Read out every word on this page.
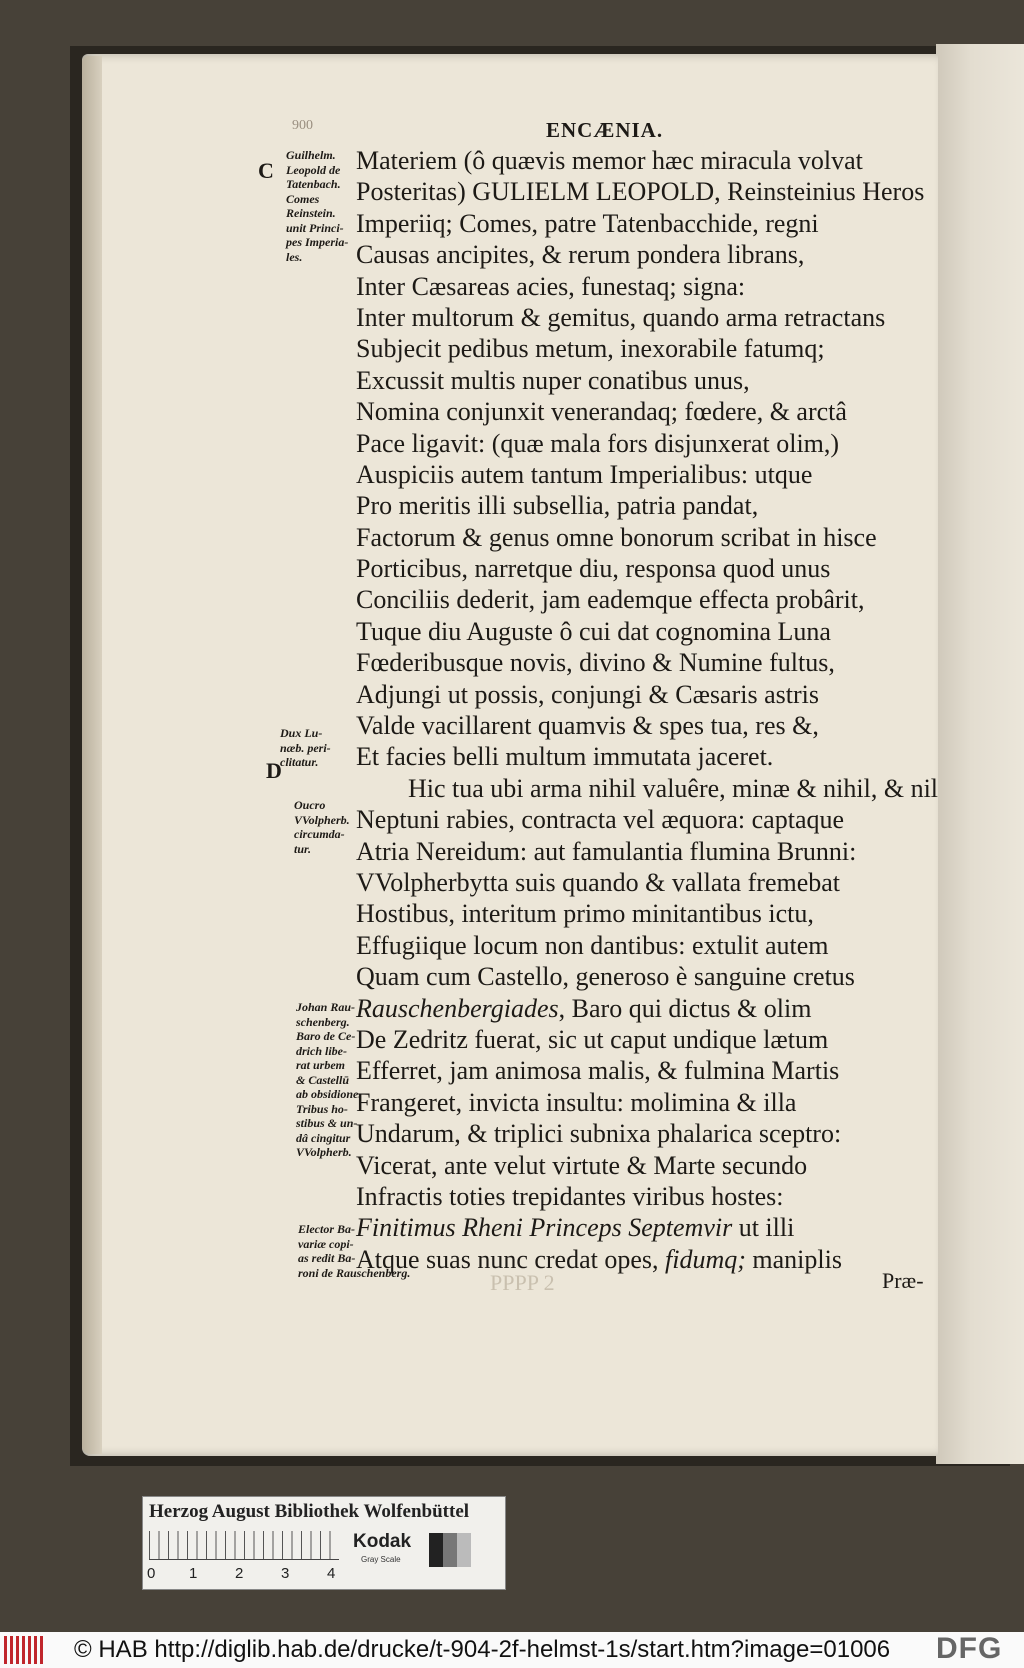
900	ENCÆNIA.
C
D
Guilhelm.
Leopold de
Tatenbach.
Comes
Reinstein.
unit Princi-
pes Imperia-
les.
Dux Lu-
næb. peri-
clitatur.
Oucro
VVolpherb.
circumda-
tur.
Johan Rau-
schenberg.
Baro de Ce-
drich libe-
rat urbem
& Castellū
ab obsidione.
Tribus ho-
stibus & un-
dâ cingitur
VVolpherb.
Elector Ba-
variæ copi-
as redit Ba-
roni de Rauschenberg.
Materiem (ô quævis memor hæc miracula volvat
Posteritas) GULIELM LEOPOLD, Reinsteinius Heros
Imperiiq; Comes, patre Tatenbacchide, regni
Causas ancipites, & rerum pondera librans,
Inter Cæsareas acies, funestaq; signa:
Inter multorum & gemitus, quando arma retractans
Subjecit pedibus metum, inexorabile fatumq;
Excussit multis nuper conatibus unus,
Nomina conjunxit venerandaq; fœdere, & arctâ
Pace ligavit: (quæ mala fors disjunxerat olim,)
Auspiciis autem tantum Imperialibus: utque
Pro meritis illi subsellia, patria pandat,
Factorum & genus omne bonorum scribat in hisce
Porticibus, narretque diu, responsa quod unus
Conciliis dederit, jam eademque effecta probârit,
Tuque diu Auguste ô cui dat cognomina Luna
Fœderibusque novis, divino & Numine fultus,
Adjungi ut possis, conjungi & Cæsaris astris
Valde vacillarent quamvis & spes tua, res &,
Et facies belli multum immutata jaceret.
Hic tua ubi arma nihil valuêre, minæ & nihil, & nil
Neptuni rabies, contracta vel æquora: captaque
Atria Nereidum: aut famulantia flumina Brunni:
VVolpherbytta suis quando & vallata fremebat
Hostibus, interitum primo minitantibus ictu,
Effugiique locum non dantibus: extulit autem
Quam cum Castello, generoso è sanguine cretus
Rauschenbergiades, Baro qui dictus & olim
De Zedritz fuerat, sic ut caput undique lætum
Efferret, jam animosa malis, & fulmina Martis
Frangeret, invicta insultu: molimina & illa
Undarum, & triplici subnixa phalarica sceptro:
Vicerat, ante velut virtute & Marte secundo
Infractis toties trepidantes viribus hostes:
Finitimus Rheni Princeps Septemvir ut illi
Atque suas nunc credat opes, fidumq; maniplis
PPPP 2	Præ-
Herzog August Bibliothek Wolfenbüttel
0 1	2	3	4
Kodak
Gray Scale
© HAB http://diglib.hab.de/drucke/t-904-2f-helmst-1s/start.htm?image=01006 DFG
